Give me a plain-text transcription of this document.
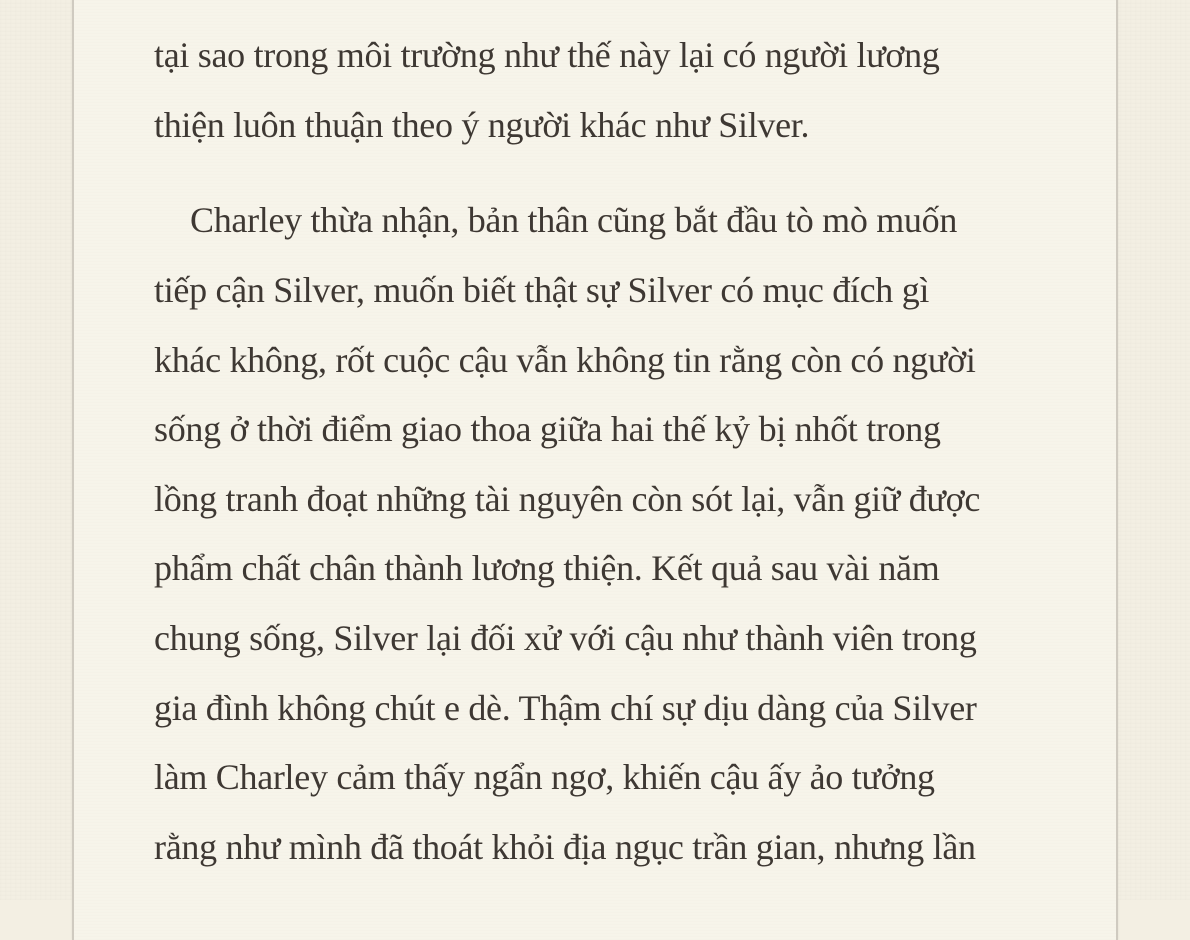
tại sao trong môi trường như thế này lại có người lương
thiện luôn thuận theo ý người khác như Silver.
Charley thừa nhận, bản thân cũng bắt đầu tò mò muốn
tiếp cận Silver, muốn biết thật sự Silver có mục đích gì
khác không, rốt cuộc cậu vẫn không tin rằng còn có người
sống ở thời điểm giao thoa giữa hai thế kỷ bị nhốt trong
lồng tranh đoạt những tài nguyên còn sót lại, vẫn giữ được
phẩm chất chân thành lương thiện. Kết quả sau vài năm
chung sống, Silver lại đối xử với cậu như thành viên trong
gia đình không chút e dè. Thậm chí sự dịu dàng của Silver
làm Charley cảm thấy ngẩn ngơ, khiến cậu ấy ảo tưởng
rằng như mình đã thoát khỏi địa ngục trần gian, nhưng lần
